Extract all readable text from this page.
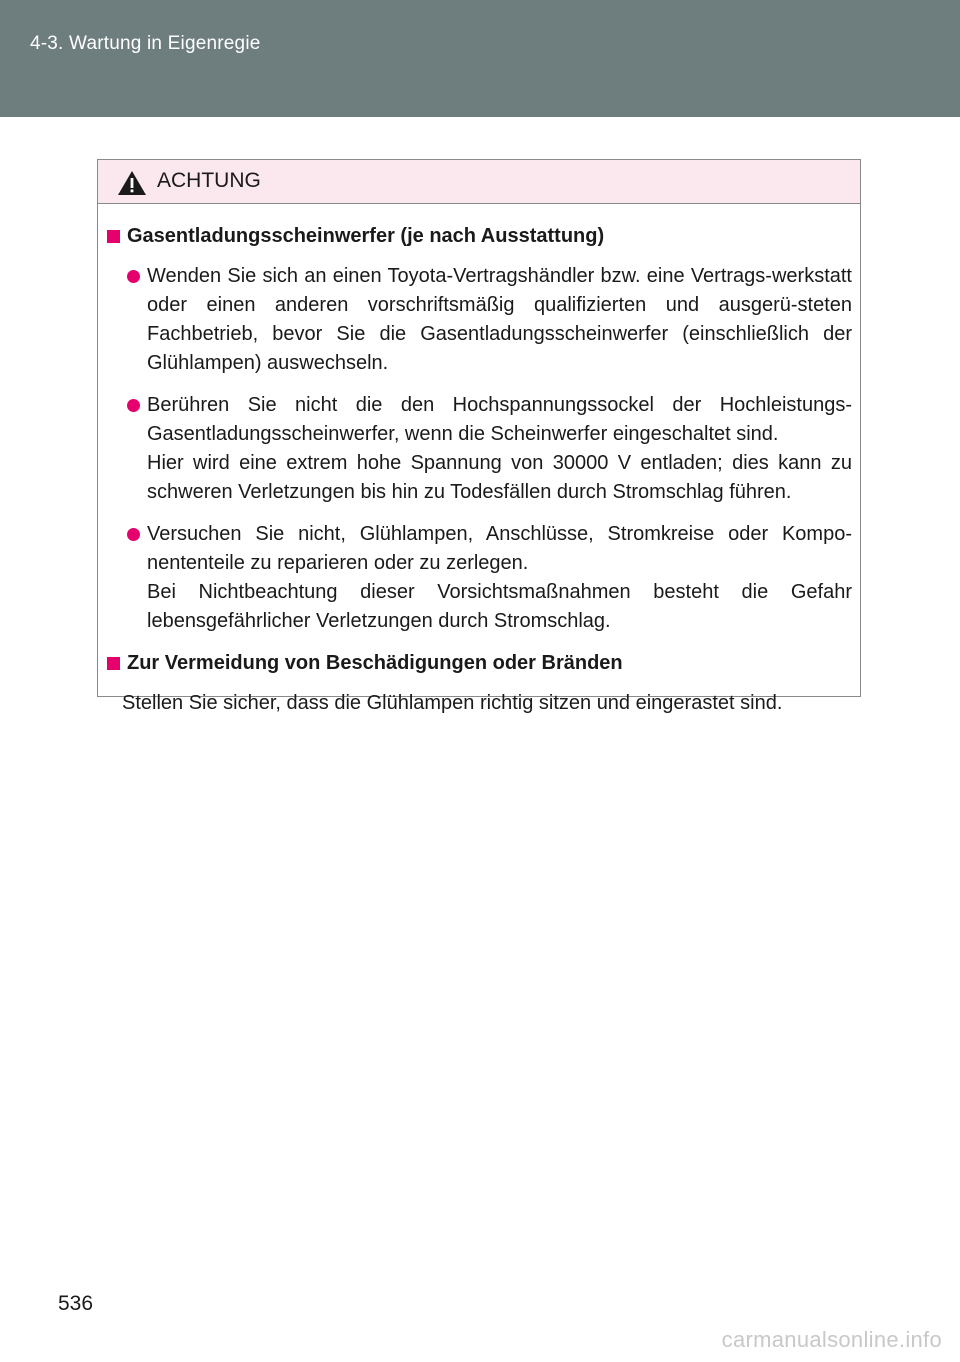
4-3. Wartung in Eigenregie
ACHTUNG
Gasentladungsscheinwerfer (je nach Ausstattung)

Wenden Sie sich an einen Toyota-Vertragshändler bzw. eine Vertrags-werkstatt oder einen anderen vorschriftsmäßig qualifizierten und ausgerü-steten Fachbetrieb, bevor Sie die Gasentladungsscheinwerfer (einschließlich der Glühlampen) auswechseln.

Berühren Sie nicht die den Hochspannungssockel der Hochleistungs-Gasentladungsscheinwerfer, wenn die Scheinwerfer eingeschaltet sind.

Hier wird eine extrem hohe Spannung von 30000 V entladen; dies kann zu schweren Verletzungen bis hin zu Todesfällen durch Stromschlag führen.

Versuchen Sie nicht, Glühlampen, Anschlüsse, Stromkreise oder Kompo-nententeile zu reparieren oder zu zerlegen.

Bei Nichtbeachtung dieser Vorsichtsmaßnahmen besteht die Gefahr lebensgefährlicher Verletzungen durch Stromschlag.

Zur Vermeidung von Beschädigungen oder Bränden

Stellen Sie sicher, dass die Glühlampen richtig sitzen und eingerastet sind.

536
carmanualsonline.info
